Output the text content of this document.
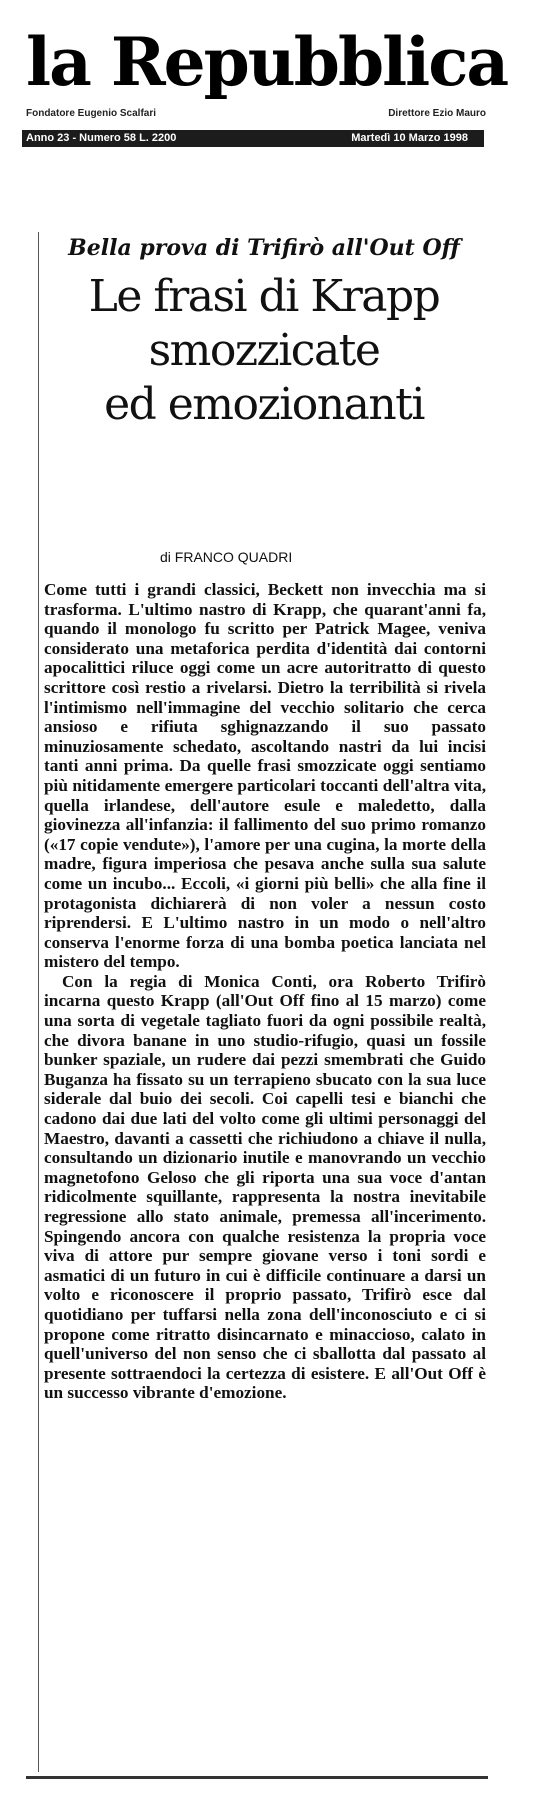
la Repubblica
Fondatore Eugenio Scalfari	Direttore Ezio Mauro
Anno 23 - Numero 58 L. 2200	Martedì 10 Marzo 1998
Bella prova di Trifirò all'Out Off
Le frasi di Krapp
smozzicate
ed emozionanti
di FRANCO QUADRI

Come tutti i grandi classici, Beckett non invecchia ma si trasforma. L'ultimo nastro di Krapp, che quarant'anni fa, quando il monologo fu scritto per Patrick Magee, veniva considerato una metaforica perdita d'identità dai contorni apocalittici riluce oggi come un acre autoritratto di questo scrittore così restio a rivelarsi. Dietro la terribilità si rivela l'intimismo nell'immagine del vecchio solitario che cerca ansioso e rifiuta sghignazzando il suo passato minuziosamente schedato, ascoltando nastri da lui incisi tanti anni prima. Da quelle frasi smozzicate oggi sentiamo più nitidamente emergere particolari toccanti dell'altra vita, quella irlandese, dell'autore esule e maledetto, dalla giovinezza all'infanzia: il fallimento del suo primo romanzo («17 copie vendute»), l'amore per una cugina, la morte della madre, figura imperiosa che pesava anche sulla sua salute come un incubo... Eccoli, «i giorni più belli» che alla fine il protagonista dichiarerà di non voler a nessun costo riprendersi. E L'ultimo nastro in un modo o nell'altro conserva l'enorme forza di una bomba poetica lanciata nel mistero del tempo.

Con la regia di Monica Conti, ora Roberto Trifirò incarna questo Krapp (all'Out Off fino al 15 marzo) come una sorta di vegetale tagliato fuori da ogni possibile realtà, che divora banane in uno studio-rifugio, quasi un fossile bunker spaziale, un rudere dai pezzi smembrati che Guido Buganza ha fissato su un terrapieno sbucato con la sua luce siderale dal buio dei secoli. Coi capelli tesi e bianchi che cadono dai due lati del volto come gli ultimi personaggi del Maestro, davanti a cassetti che richiudono a chiave il nulla, consultando un dizionario inutile e manovrando un vecchio magnetofono Geloso che gli riporta una sua voce d'antan ridicolmente squillante, rappresenta la nostra inevitabile regressione allo stato animale, premessa all'incerimento. Spingendo ancora con qualche resistenza la propria voce viva di attore pur sempre giovane verso i toni sordi e asmatici di un futuro in cui è difficile continuare a darsi un volto e riconoscere il proprio passato, Trifirò esce dal quotidiano per tuffarsi nella zona dell'inconosciuto e ci si propone come ritratto disincarnato e minaccioso, calato in quell'universo del non senso che ci sballotta dal passato al presente sottraendoci la certezza di esistere. E all'Out Off è un successo vibrante d'emozione.
